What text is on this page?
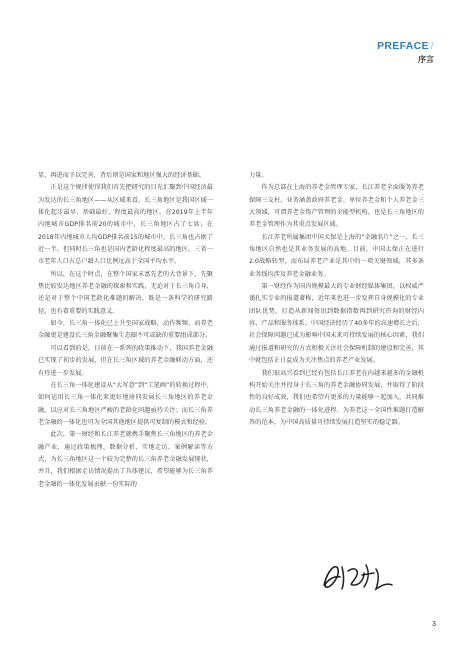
PREFACE /
序言

显，再进而予以完善，背后则是国家和地区强大的经济基础。

正是这个规律使得我们首先把研究的目光汇聚到中国经济最为发达的长三角地区——从区域来看，长三角地区是我国区域一体化起步最早、基础最好、程度最高的地区。在2019年上半年内地城市GDP排名前20的城市中，长三角地区占了七席；在2018年内地城市人均GDP排名前15的城市中，长三角也占据了近一半。但同时长三角也是国内老龄化程度最高的地区，三省一市老年人口占总户籍人口比例远高于全国平均水平。

所以，在这个时点，在整个国家未富先老的大背景下，先聚焦比较发达地区养老金融的探索和实践，无论对于长三角自身，还是对于整个中国老龄化难题的解决，既是一条科学的研究路径，也有着重要的实践意义。

如今，长三角一体化已上升至国家战略，动作频频，而养老金融更是建设长三角金融聚集生态圈不可或缺的重要组成部分。

可以看到的是，目前在一系列的政策推动下，我国养老金融已实现了初步的发展，但在长三角区域的养老金融联动方面，还有待进一步发展。

在长三角一体化建设从“大写意”到“工笔画”的转换过程中，如何运用长三角一体化来更好地协同发展长三角地区的养老金融，以应对长三角地区严峻的老龄化问题亟待关注；而长三角养老金融的一体化也可为全国其他地区提供可复制的模式和经验。

此次，第一财经和长江养老就携手聚焦长三角地区的养老金融产业，通过政策梳理、数据分析、实地走访、案例解读等方式，为长三角地区这一个较为完整的长三角养老金融发展现状，并且，我们根据走访情况提出了具体建议，希望能够为长三角养老金融的一体化发展贡献一份实际的

力量。

作为总部在上海的养老金管理专家，长江养老全面服务养老保障三支柱，业务涵盖政府养老金、单位养老金和个人养老金三大领域，可谓养老金资产管理的全能型机构，也是长三角地区的养老金管理作为其重点发展区域。

长江养老所属集团中国太保是上海的“金融名片”之一，长三角地区自然也是其业务发展的高地。目前，中国太保正在进行2.0战略转型，而布局养老产业是其中的一项关键领域，其多条业务线均涉及养老金融业务。

第一财经作为国内规模最大的专业财经媒体集团，以权威严谨扎实专业的报道著称，近年来也进一步发挥自身规模化的专业团队优势，打造从新闻资讯到数据指数再到研究咨询的财经内容、产品和服务体系。中国经济经历了40多年的高速增长之后，社会保障问题已成为影响中国未来可持续发展的核心因素，我们通过报道和研究的方式积极关注社会保障机制的建设和完善，其中就包括正日益成为关注焦点的养老产业发展。

我们很高兴看到已经有包括长江养老在内越来越多的金融机构开始关注并投身于长三角的养老金融协同发展，并取得了阶段性的良好成效，我们也希望有更多的力量能够一起加入，共同推动长三角养老金融的一体化进程。为养老这一全国性难题打造解答的范本，为中国高质量可持续发展打造坚实的稳定器。

3
